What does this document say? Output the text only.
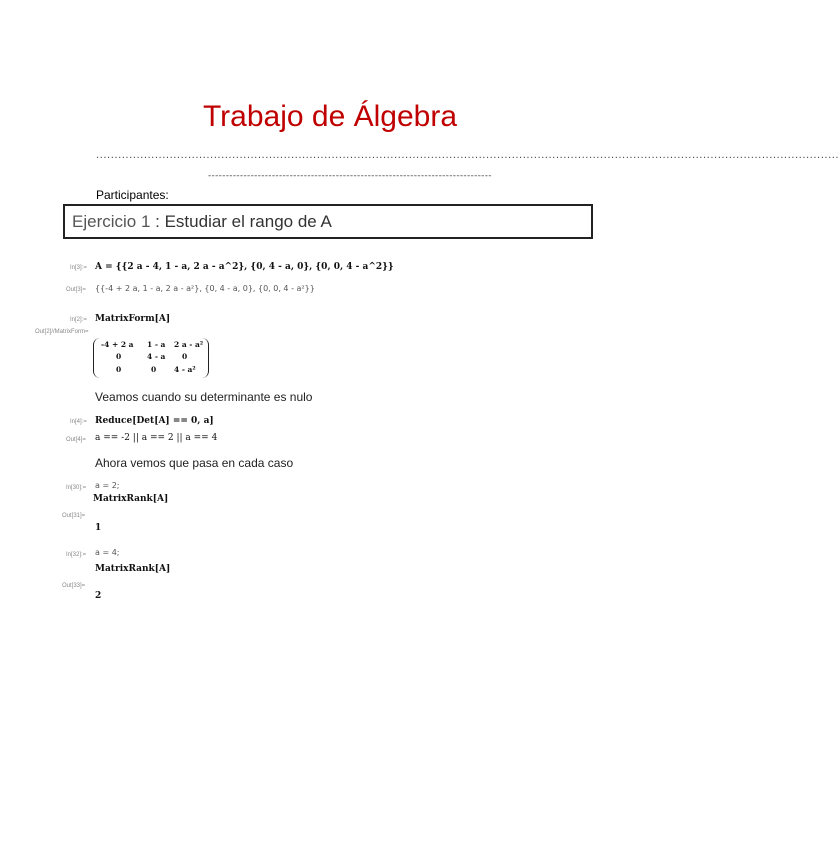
Trabajo de Álgebra
..........................................................................................................................................................................................................
--------------------------------------------------------------------------------
Participantes:
Ejercicio 1 : Estudiar el rango de A
In[3]:= A = {{2 a - 4, 1 - a, 2 a - a^2}, {0, 4 - a, 0}, {0, 0, 4 - a^2}}
Out[3]= {{-4 + 2 a, 1 - a, 2 a - a²}, {0, 4 - a, 0}, {0, 0, 4 - a²}}
In[2]:= MatrixForm[A]
Out[2]//MatrixForm=
-4 + 2 a 1 - a 2 a - a²
0	4 - a 0
0	0 4 - a²
Veamos cuando su determinante es nulo
In[4]:= Reduce[Det[A] == 0, a]
Out[4]= a == -2 || a == 2 || a == 4
Ahora vemos que pasa en cada caso
In[30]:= a = 2;
MatrixRank[A]
Out[31]=
1
In[32]:= a = 4;
MatrixRank[A]
Out[33]=
2
